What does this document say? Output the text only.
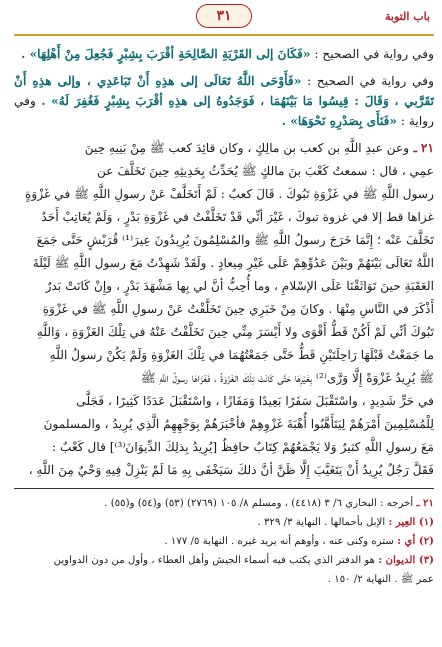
باب التوبة
٣١

وفي رواية في الصحيح : «فَكَانَ إلى القَرْيَةِ الصَّالِحَةِ أقْرَبَ بِشِبْرٍ فَجُعِلَ مِنْ أَهْلِهَا» .

وفي رواية في الصحيح : «فَأَوْحَى اللَّهُ تَعَالَى إلى هذِهِ أَنْ تَبَاعَدِي ، وإلى هذِهِ أَنْ تَقَرَّبي ، وَقَالَ : قِيسُوا مَا بَيْنَهُمَا ، فَوَجَدُوهُ إلى هذِهِ أقْرَبَ بِشِبْرٍ فَغُفِرَ لَهُ» . وفي رواية : «فَنَأَى بِصَدْرِهِ نَحْوَهَا» .

٢١ ـ وعن عبدِ اللَّهِ بن كعب بن مالِكٍ ، وكان قائِدَ كعب ﷺ مِنْ بَنِيهِ حِينَ

عمِي ، قال : سمعتُ كَعْبَ بنَ مالكٍ ﷺ يُحَدِّثُ بِحَدِيثِهِ حِينَ تَخَلَّفَ عن

رسول اللَّهِ ﷺ في غَزْوَةِ تَبُوكَ . قَالَ كعبٌ : لَمْ أَتَخَلَّفْ عَنْ رسولِ اللَّهِ ﷺ في غَزْوَةٍ

غزاها قط إلا في غزوة تبوكَ ، غَيْرَ أنِّي قَدْ تَخَلَّفْتُ في غَزْوَةِ بَدْرٍ ، وَلَمْ يُعَاتِبْ أَحَدٌ

تَخَلَّفَ عَنْه ؛ إِنَّمَا خَرَجَ رسولُ اللَّهِ ﷺ والمُسْلِمُونَ يُرِيدُونَ عِيرَ⁽¹⁾ قُرَيْشٍ حَتَّى جَمَعَ

اللَّهُ تَعَالَى بَيْنَهُمْ وبَيْنَ عَدُوِّهِمْ عَلَى غَيْرِ مِيعادٍ . ولَقَدْ شَهِدْتُ مَعَ رسول اللَّهِ ﷺ لَيْلَةَ

العَقَبَةِ حينَ تَوَاثَقْنَا عَلَى الإسْلامِ ، وما أُحِبُّ أنَّ لي بِها مَشْهَدَ بَدْرٍ ، وإِنْ كَانَتْ بَدرٌ

أَذْكَرَ في النَّاسِ مِنْهَا . وكانَ مِنْ خَبَرِي حِينَ تَخَلَّفْتُ عَنْ رسولِ اللَّهِ ﷺ في غَزْوَةِ

تَبُوكَ أنِّي لَمْ أَكُنْ قَطُّ أَقْوَى ولا أَيْسَرَ مِنِّي حِينَ تَخَلَّفْتُ عَنْهُ في تِلْكَ الغَزْوَةِ ، وَاللَّهِ

ما جَمَعْتُ قَبْلَهَا رَاحِلَتَيْنِ قَطُّ حَتَّى جَمَعْتُهُمَا في تِلْكَ الغَزْوَةِ وَلَمْ يَكُنْ رسولُ اللَّهِ

ﷺ يُرِيدُ غَزْوَةً إِلَّا وَرَّى⁽²⁾ بِغَيْرِهَا حَتَّى كَانَتْ تِلْكَ الغَزْوَةُ ، فَغَزَاهَا رسولُ اللَّهِ ﷺ

في حَرٍّ شَدِيدٍ ، واسْتَقْبَلَ سَفَرًا بَعِيدًا وَمَفَازًا ، واسْتَقْبَلَ عَدَدًا كَثِيرًا ، فَجَلَّى

لِلْمُسْلِمِينَ أَمْرَهُمْ لِيَتَأَهَّبُوا أُهْبَةَ غَزْوِهِمْ فأخْبَرَهُمْ بِوَجْهِهِمُ الَّذِي يُرِيدُ ، والمسلمونَ

مَعَ رسولِ اللَّهِ كثيرٌ وَلا يَجْمَعُهُمْ كِتَابٌ حافِظٌ [يُرِيدُ بِذلِكَ الدِّيوَانَ⁽³⁾] قال كَعْبٌ :

فَقَلَّ رَجُلٌ يُرِيدُ أَنْ يَتَغَيَّبَ إِلَّا ظَنَّ أنَّ ذلكَ سَيَخْفَى بِهِ مَا لَمْ يَنْزِلْ فِيهِ وَحْيٌ مِنَ اللَّهِ ،

٢١ ـ أخرجه : البخاري ٦/ ٣ (٤٤١٨) ، ومسلم ٨/ ١٠٥ (٢٧٦٩) (٥٣) و(٥٤) و(٥٥) .

(١) العِير : الإبل بأحمالها . النهاية ٣/ ٣٢٩ .

(٢) أي : ستره وكنى عنه ، وأوهم أنه يريد غيره . النهاية ٥/ ١٧٧ .

(٣) الديوان : هو الدفتر الذي يكتب فيه أسماء الجيش وأهل العطاء ، وأول من دون الدواوين

عمر ﷺ . النهاية ٢/ ١٥٠ .
